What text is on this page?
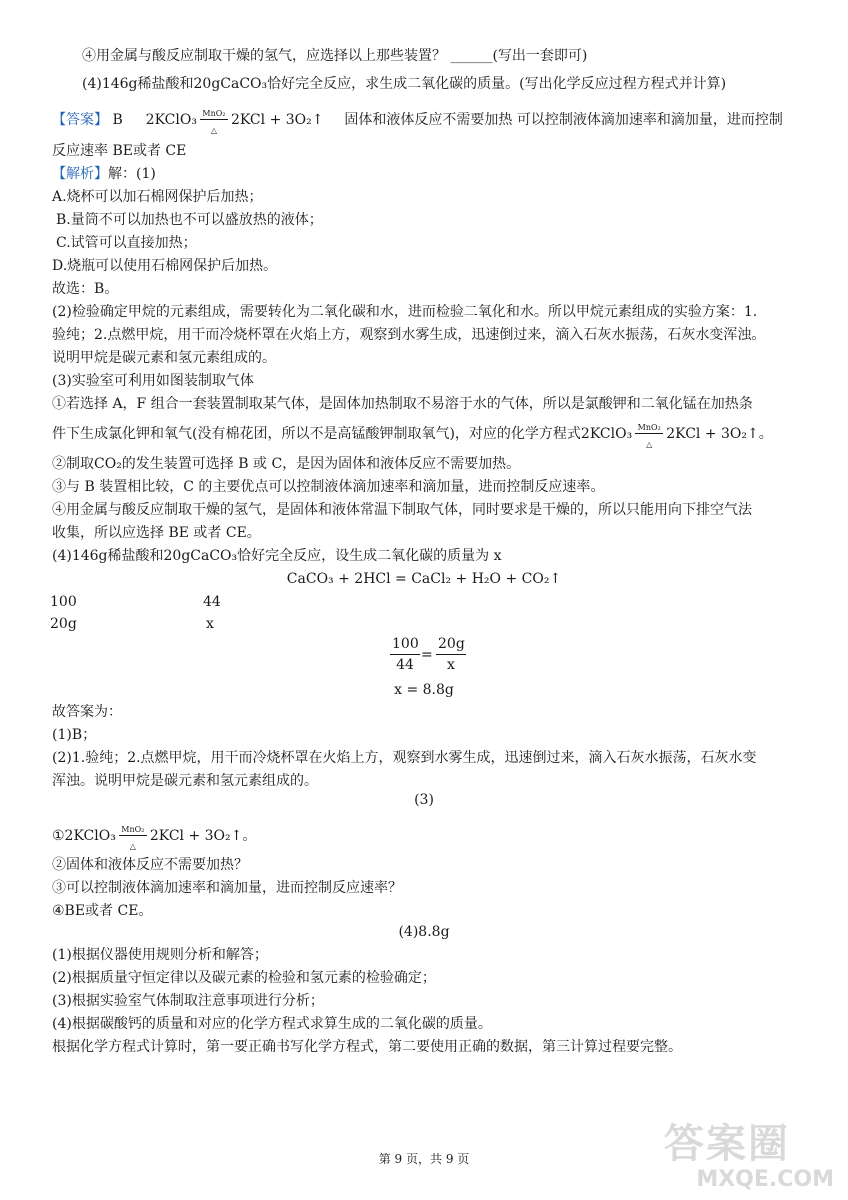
④用金属与酸反应制取干燥的氢气，应选择以上那些装置？ ______(写出一套即可)
(4)146g稀盐酸和20gCaCO₃恰好完全反应，求生成二氧化碳的质量。(写出化学反应过程方程式并计算)
【答案】 B 2KClO₃ MnO₂
△
2KCl + 3O₂↑ 固体和液体反应不需要加热 可以控制液体滴加速率和滴加量，进而控制
反应速率 BE或者 CE
【解析】解：(1)
A.烧杯可以加石棉网保护后加热；
B.量筒不可以加热也不可以盛放热的液体；
C.试管可以直接加热；
D.烧瓶可以使用石棉网保护后加热。
故选：B。
(2)检验确定甲烷的元素组成，需要转化为二氧化碳和水，进而检验二氧化和水。所以甲烷元素组成的实验方案：1.
验纯；2.点燃甲烷，用干而冷烧杯罩在火焰上方，观察到水雾生成，迅速倒过来，滴入石灰水振荡，石灰水变浑浊。
说明甲烷是碳元素和氢元素组成的。
(3)实验室可利用如图装制取气体
①若选择 A，F 组合一套装置制取某气体，是固体加热制取不易溶于水的气体，所以是氯酸钾和二氧化锰在加热条
件下生成氯化钾和氧气(没有棉花团，所以不是高锰酸钾制取氧气)，对应的化学方程式2KClO₃ MnO₂
△
2KCl + 3O₂↑。
②制取CO₂的发生装置可选择 B 或 C，是因为固体和液体反应不需要加热。
③与 B 装置相比较，C 的主要优点可以控制液体滴加速率和滴加量，进而控制反应速率。
④用金属与酸反应制取干燥的氢气，是固体和液体常温下制取气体，同时要求是干燥的，所以只能用向下排空气法
收集，所以应选择 BE 或者 CE。
(4)146g稀盐酸和20gCaCO₃恰好完全反应，设生成二氧化碳的质量为 x
CaCO₃ + 2HCl = CaCl₂ + H₂O + CO₂↑
100	44
20g	x
$\frac{100}{44} = \frac{20g}{x}$
x = 8.8g
故答案为：
(1)B；
(2)1.验纯；2.点燃甲烷，用干而冷烧杯罩在火焰上方，观察到水雾生成，迅速倒过来，滴入石灰水振荡，石灰水变
浑浊。说明甲烷是碳元素和氢元素组成的。
(3)
①2KClO₃ MnO₂
△
2KCl + 3O₂↑。
②固体和液体反应不需要加热？
③可以控制液体滴加速率和滴加量，进而控制反应速率？
④BE或者 CE。
(4)8.8g
(1)根据仪器使用规则分析和解答；
(2)根据质量守恒定律以及碳元素的检验和氢元素的检验确定；
(3)根据实验室气体制取注意事项进行分析；
(4)根据碳酸钙的质量和对应的化学方程式求算生成的二氧化碳的质量。
根据化学方程式计算时，第一要正确书写化学方程式，第二要使用正确的数据，第三计算过程要完整。
第 9 页，共 9 页	答案圈
MXQE.COM
